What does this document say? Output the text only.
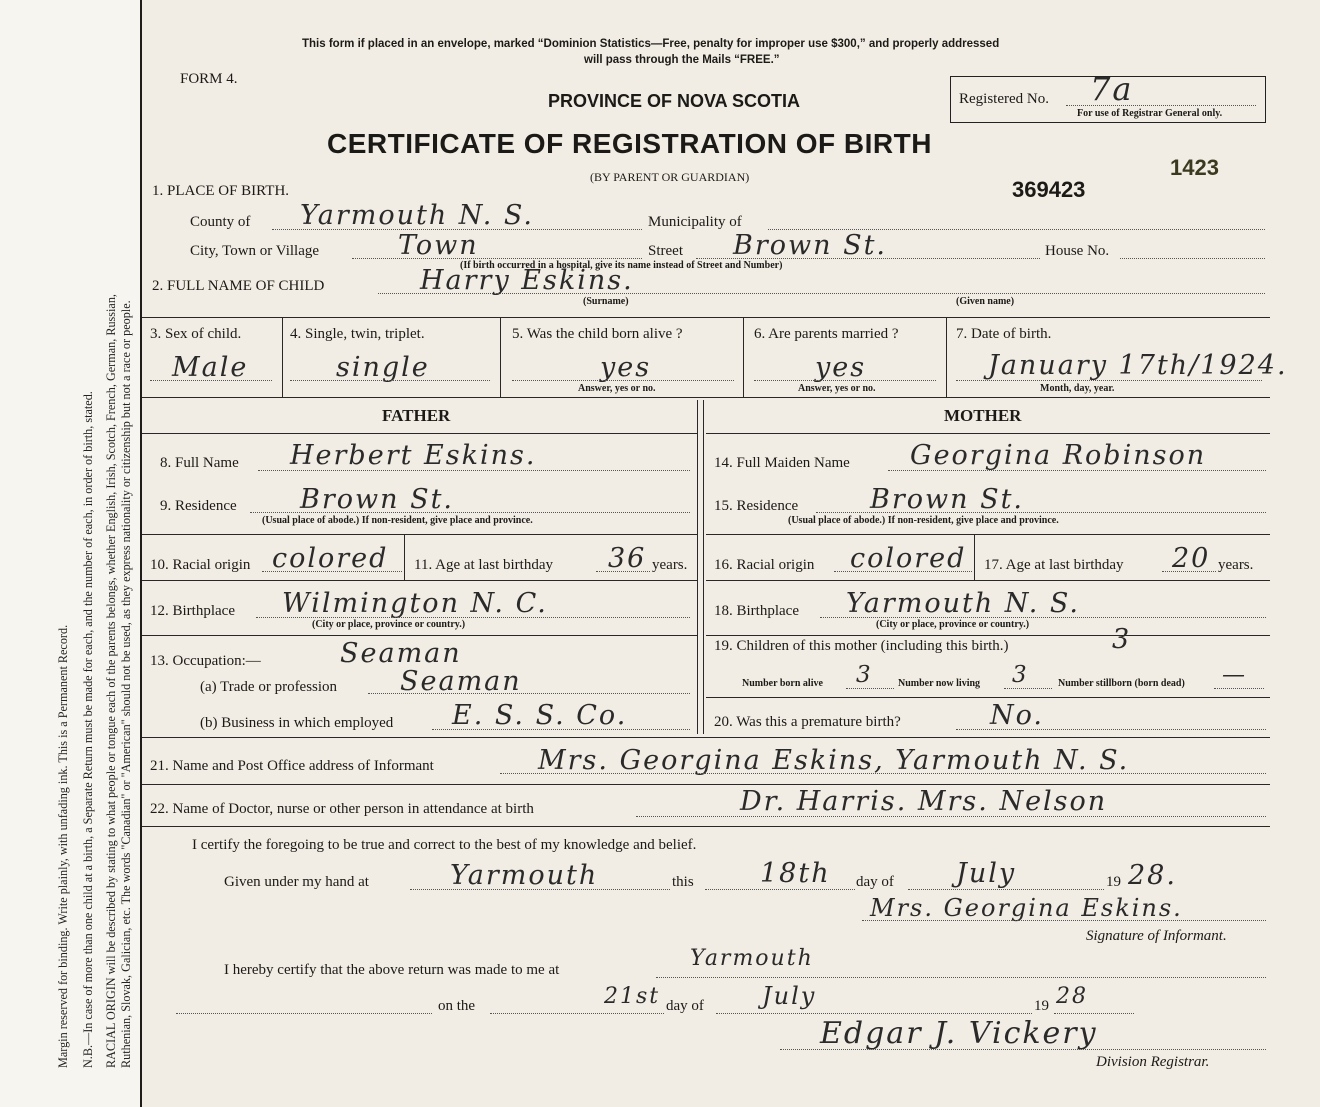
Margin reserved for binding. Write plainly, with unfading ink. This is a Permanent Record. N.B.—In case of more than one child at a birth, a Separate Return must be made for each, and the number of each, in order of birth, stated. RACIAL ORIGIN will be described by stating to what people or tongue each of the parents belongs, whether English, Irish, Scotch, French, German, Russian, Ruthenian, Slovak, Galician, etc. The words "Canadian" or "American" should not be used, as they express nationality or citizenship but not a race or people.
This form if placed in an envelope, marked “Dominion Statistics—Free, penalty for improper use $300,” and properly addressed
will pass through the Mails “FREE.”
FORM 4.
PROVINCE OF NOVA SCOTIA
CERTIFICATE OF REGISTRATION OF BIRTH
(BY PARENT OR GUARDIAN)	369423
1423
Registered No. 7a
For use of Registrar General only.
1. PLACE OF BIRTH.
County of Yarmouth N. S.	Municipality of
City, Town or Village	Town	Street Brown St.	House No.
(If birth occurred in a hospital, give its name instead of Street and Number)
2. FULL NAME OF CHILD	Harry Eskins.
(Surname)	(Given name)
3. Sex of child.
Male
4. Single, twin, triplet.
single
5. Was the child born alive ?
yes
Answer, yes or no.
6. Are parents married ?
yes
Answer, yes or no.
7. Date of birth.
January 17th/1924.
Month, day, year.
FATHER	MOTHER
8. Full Name Herbert Eskins.
9. Residence Brown St.
(Usual place of abode.) If non-resident, give place and province.
10. Racial origin colored 11. Age at last birthday 36 years.
12. Birthplace Wilmington N. C.
(City or place, province or country.)
13. Occupation:—	Seaman
(a) Trade or profession Seaman
(b) Business in which employed E. S. S. Co.
14. Full Maiden Name Georgina Robinson
15. Residence	Brown St.
(Usual place of abode.) If non-resident, give place and province.
16. Racial origin colored 17. Age at last birthday 20 years.
18. Birthplace Yarmouth N. S.
(City or place, province or country.)
19. Children of this mother (including this birth.)	3
Number born alive 3	Number now living 3	Number stillborn (born dead) —
20. Was this a premature birth?	No.
21. Name and Post Office address of Informant	Mrs. Georgina Eskins, Yarmouth N. S.
22. Name of Doctor, nurse or other person in attendance at birth	Dr. Harris. Mrs. Nelson
I certify the foregoing to be true and correct to the best of my knowledge and belief.
Given under my hand at	Yarmouth	this 18th day of July	19 28.
Mrs. Georgina Eskins.
Signature of Informant.
I hereby certify that the above return was made to me at	Yarmouth
on the	21st day of July	19 28
Edgar J. Vickery
Division Registrar.
